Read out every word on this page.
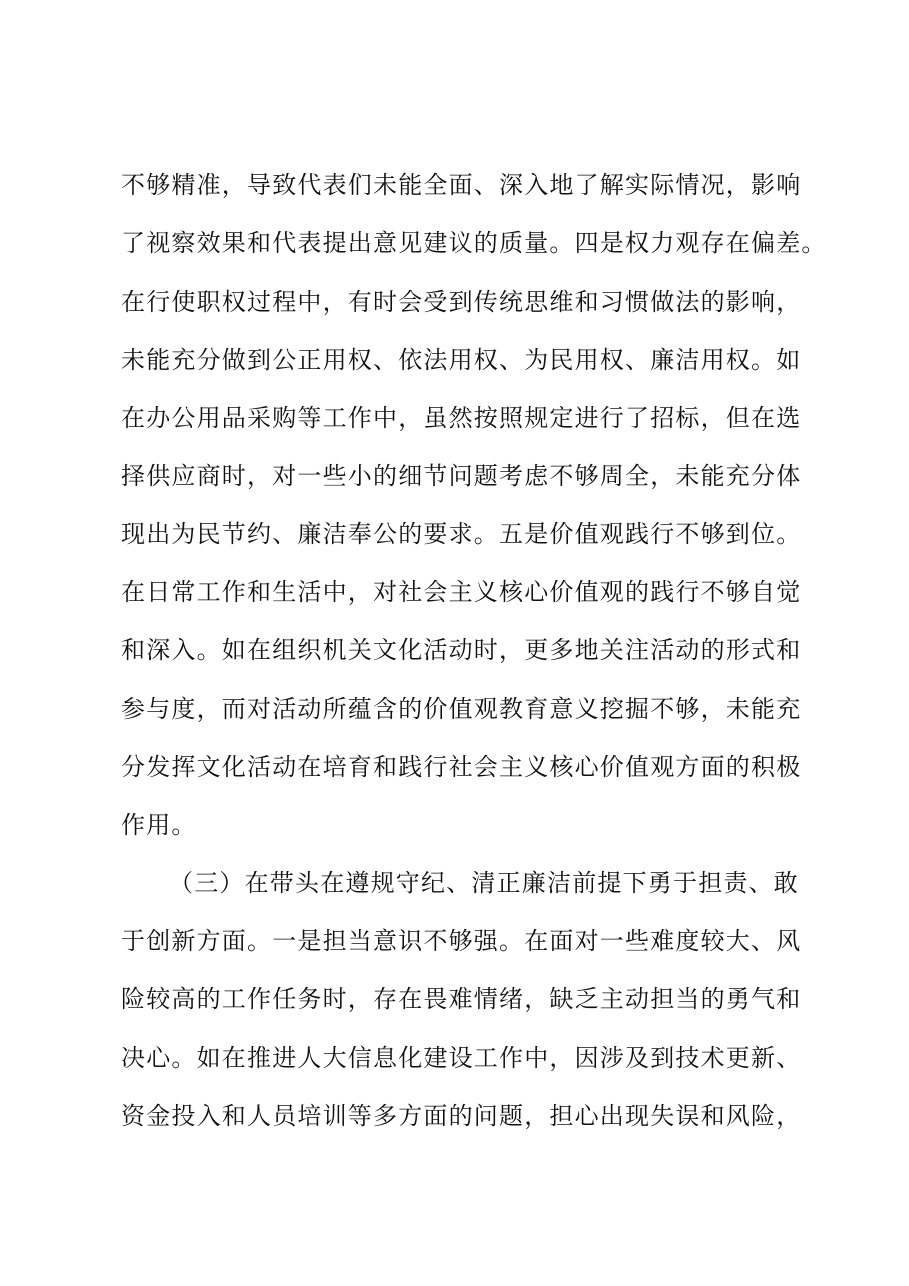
不够精准，导致代表们未能全面、深入地了解实际情况，影响
了视察效果和代表提出意见建议的质量。四是权力观存在偏差。
在行使职权过程中，有时会受到传统思维和习惯做法的影响，
未能充分做到公正用权、依法用权、为民用权、廉洁用权。如
在办公用品采购等工作中，虽然按照规定进行了招标，但在选
择供应商时，对一些小的细节问题考虑不够周全，未能充分体
现出为民节约、廉洁奉公的要求。五是价值观践行不够到位。
在日常工作和生活中，对社会主义核心价值观的践行不够自觉
和深入。如在组织机关文化活动时，更多地关注活动的形式和
参与度，而对活动所蕴含的价值观教育意义挖掘不够，未能充
分发挥文化活动在培育和践行社会主义核心价值观方面的积极
作用。
（三）在带头在遵规守纪、清正廉洁前提下勇于担责、敢
于创新方面。一是担当意识不够强。在面对一些难度较大、风
险较高的工作任务时，存在畏难情绪，缺乏主动担当的勇气和
决心。如在推进人大信息化建设工作中，因涉及到技术更新、
资金投入和人员培训等多方面的问题，担心出现失误和风险，
